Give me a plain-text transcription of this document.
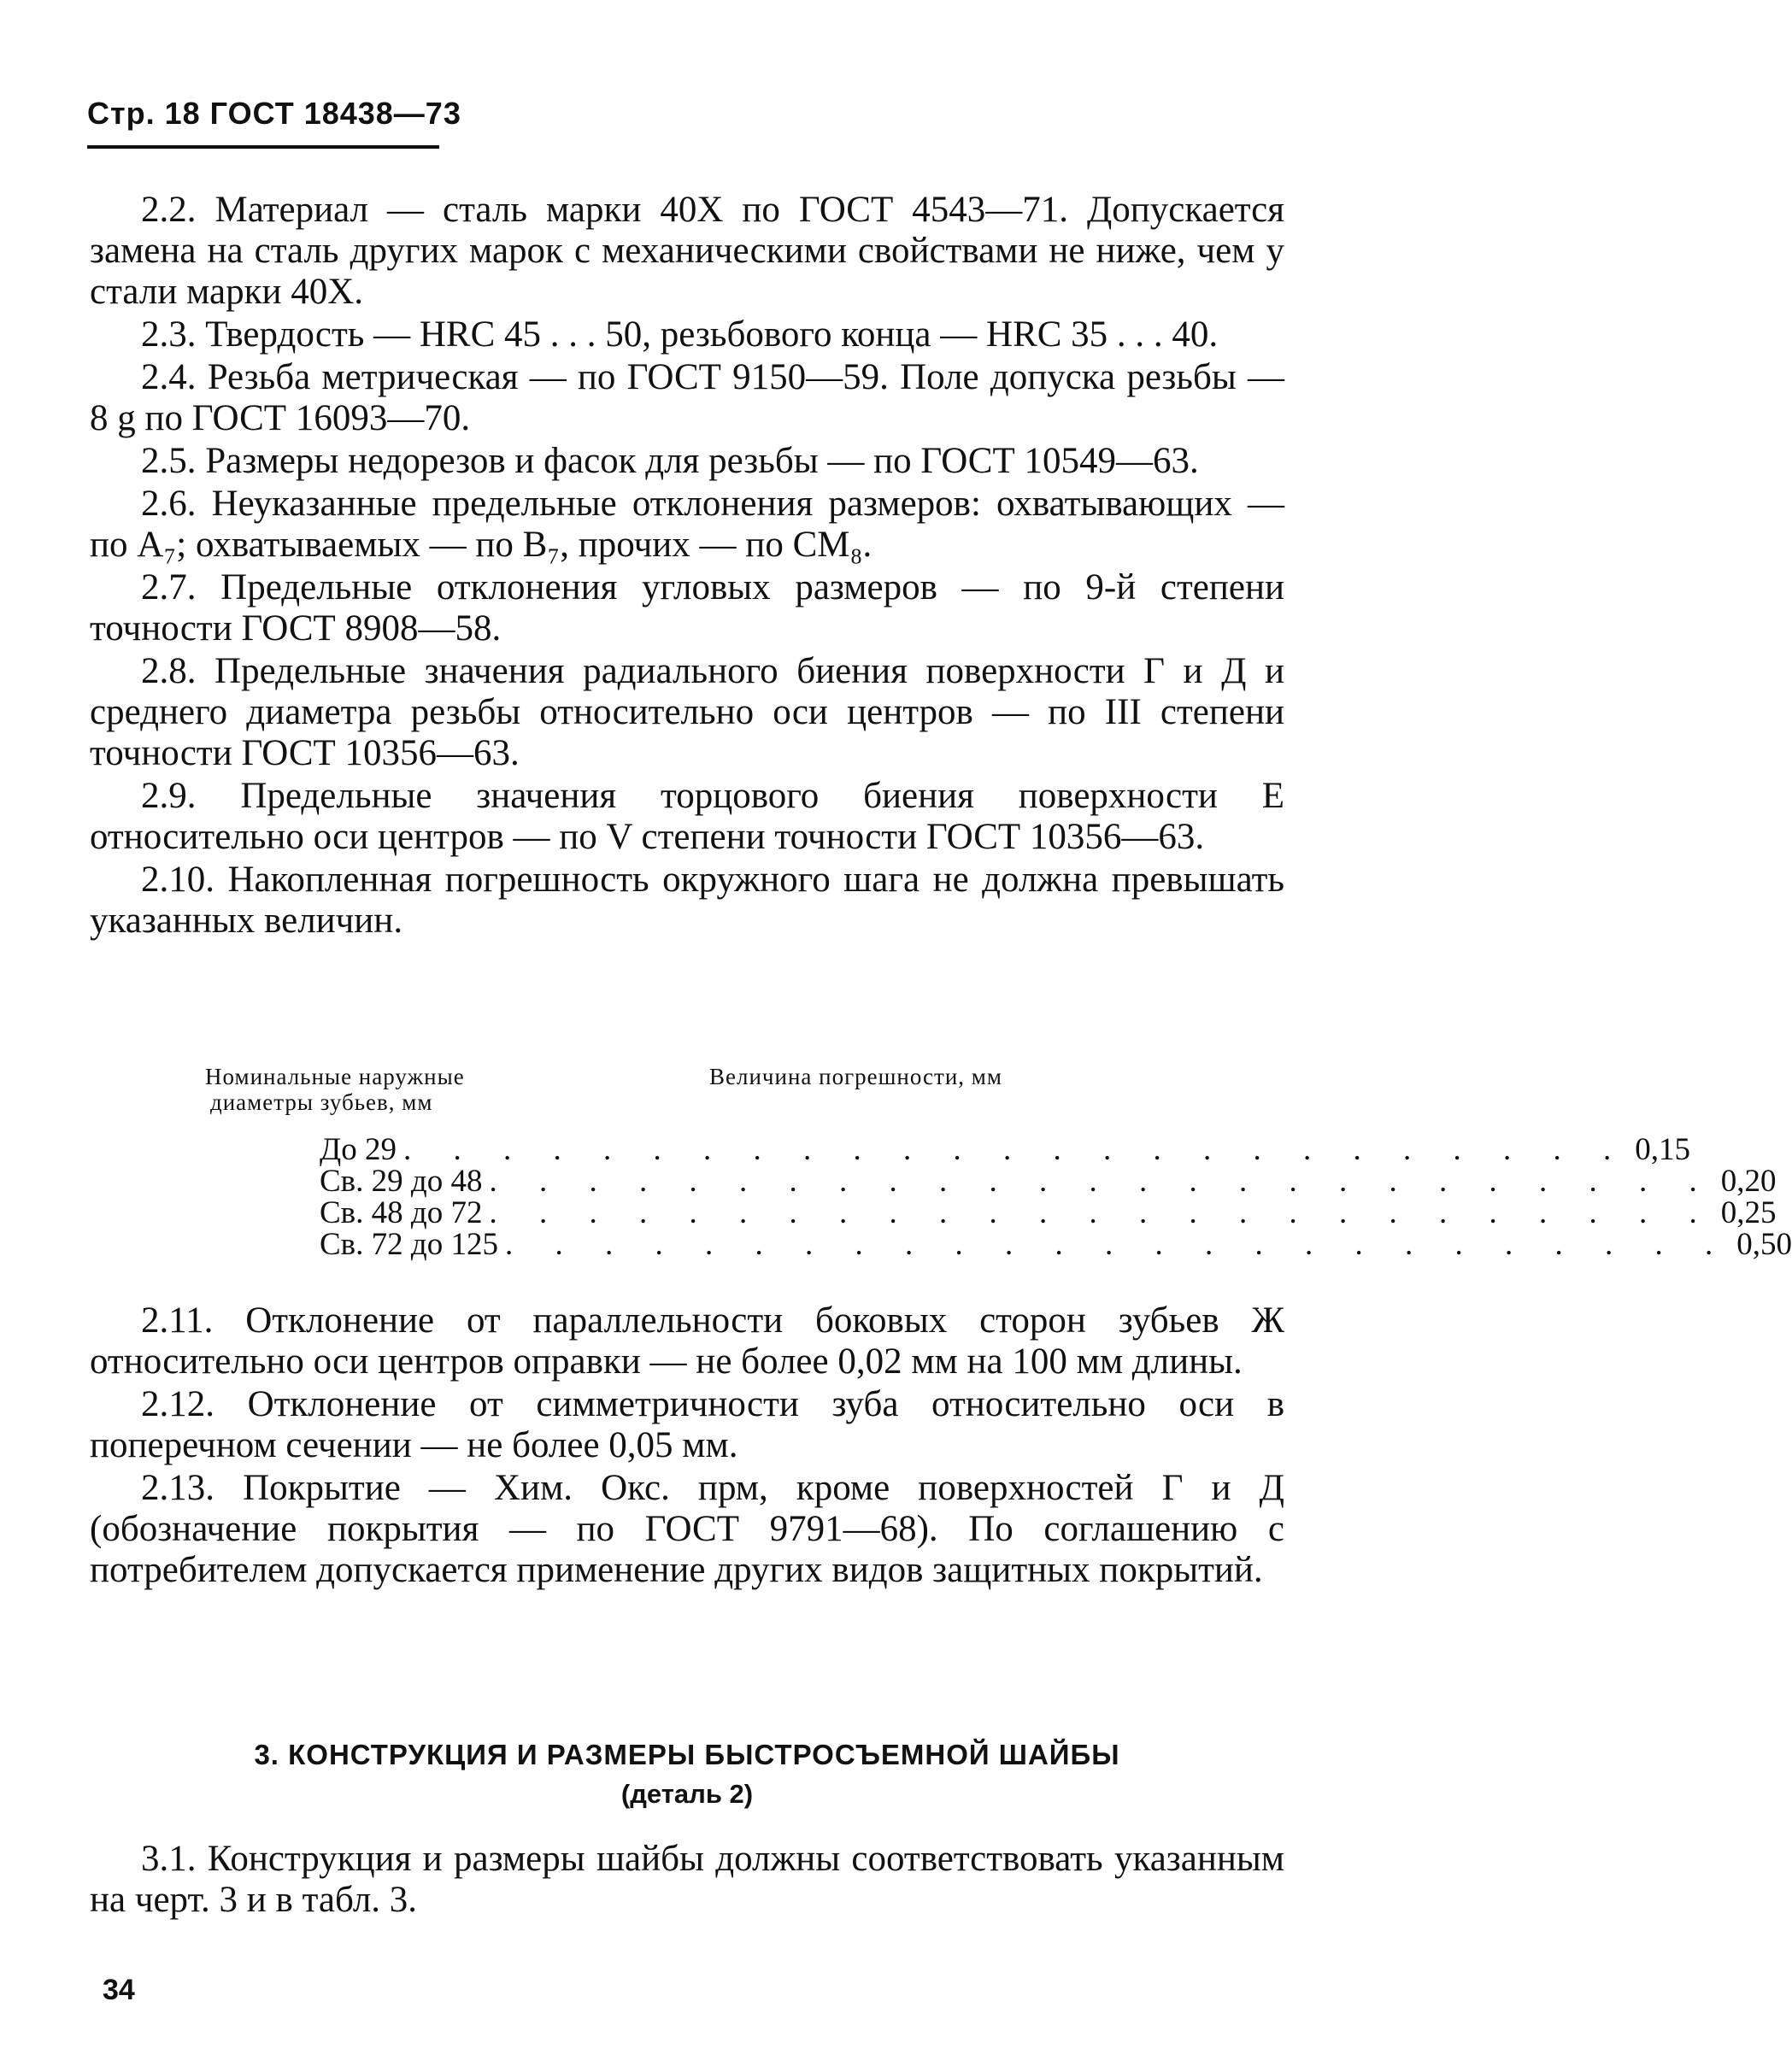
Стр. 18 ГОСТ 18438—73

2.2. Материал — сталь марки 40Х по ГОСТ 4543—71. Допускается замена на сталь других марок с механическими свойствами не ниже, чем у стали марки 40Х.

2.3. Твердость — HRC 45 . . . 50, резьбового конца — HRC 35 . . . 40.

2.4. Резьба метрическая — по ГОСТ 9150—59. Поле допуска резьбы — 8 g по ГОСТ 16093—70.

2.5. Размеры недорезов и фасок для резьбы — по ГОСТ 10549—63.

2.6. Неуказанные предельные отклонения размеров: охватывающих — по A₇; охватываемых — по B₇, прочих — по CM₈.

2.7. Предельные отклонения угловых размеров — по 9-й степени точности ГОСТ 8908—58.

2.8. Предельные значения радиального биения поверхности Г и Д и среднего диаметра резьбы относительно оси центров — по III степени точности ГОСТ 10356—63.

2.9. Предельные значения торцового биения поверхности Е относительно оси центров — по V степени точности ГОСТ 10356—63.

2.10. Накопленная погрешность окружного шага не должна превышать указанных величин.

Номинальные наружные
диаметры зубьев, мм
Величина погрешности, мм
До 29 . . . . . . . . . . . . . . . . . . . . . . . . . 0,15
Св. 29 до 48 . . . . . . . . . . . . . . . . . . . . . . . . . 0,20
Св. 48 до 72 . . . . . . . . . . . . . . . . . . . . . . . . . 0,25
Св. 72 до 125 . . . . . . . . . . . . . . . . . . . . . . . . . 0,50

2.11. Отклонение от параллельности боковых сторон зубьев Ж относительно оси центров оправки — не более 0,02 мм на 100 мм длины.

2.12. Отклонение от симметричности зуба относительно оси в поперечном сечении — не более 0,05 мм.

2.13. Покрытие — Хим. Окс. прм, кроме поверхностей Г и Д (обозначение покрытия — по ГОСТ 9791—68). По соглашению с потребителем допускается применение других видов защитных покрытий.

3. КОНСТРУКЦИЯ И РАЗМЕРЫ БЫСТРОСЪЕМНОЙ ШАЙБЫ
(деталь 2)

3.1. Конструкция и размеры шайбы должны соответствовать указанным на черт. 3 и в табл. 3.

34
